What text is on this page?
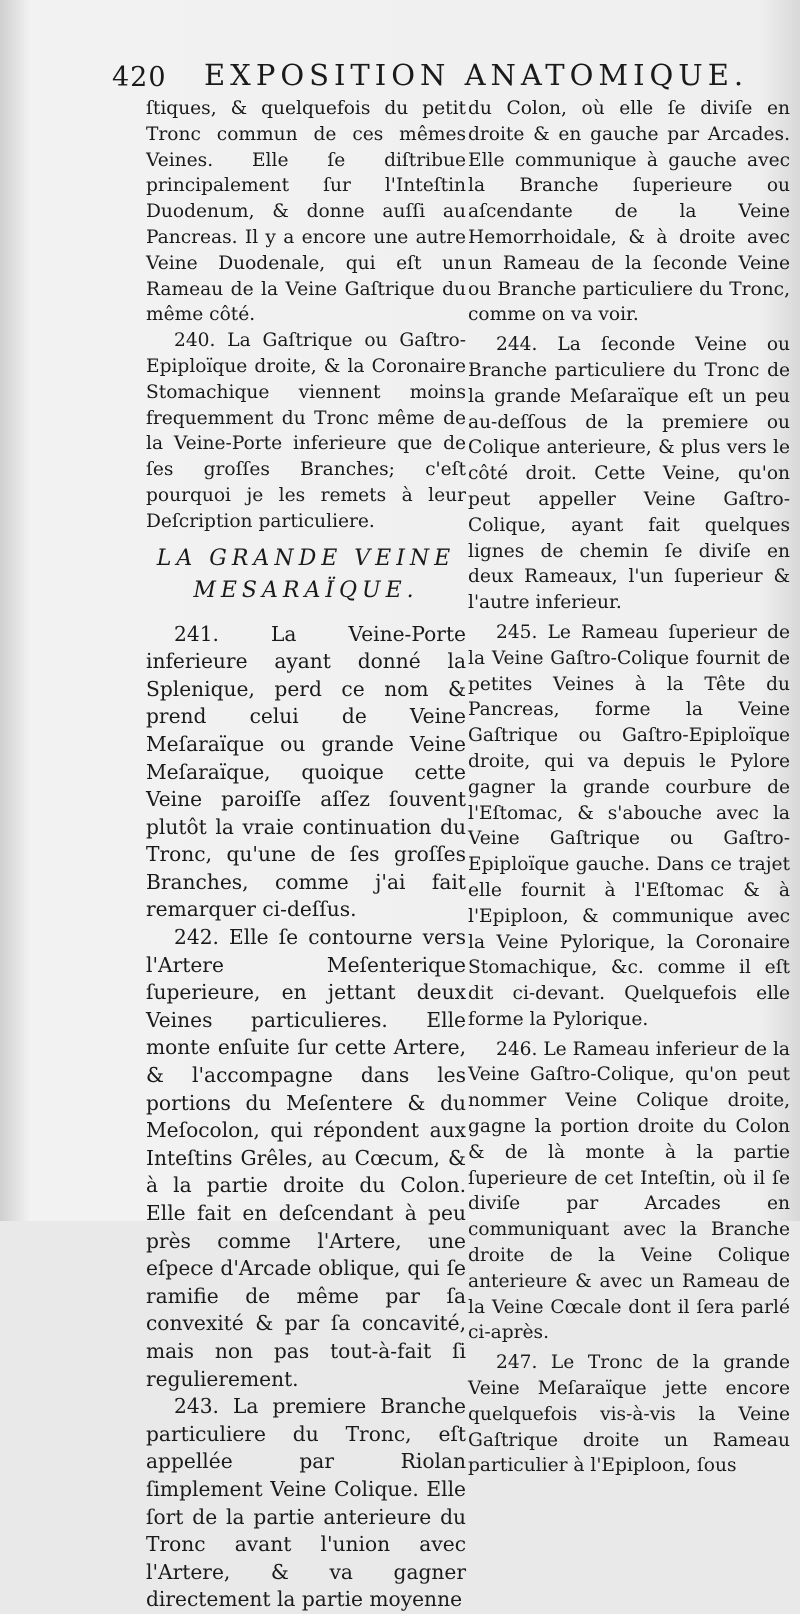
420 EXPOSITION ANATOMIQUE.

ſtiques, & quelquefois du petit Tronc commun de ces mêmes Veines. Elle ſe diſtribue principalement ſur l'Inteſtin Duodenum, & donne auſſi au Pancreas. Il y a encore une autre Veine Duodenale, qui eſt un Rameau de la Veine Gaſtrique du même côté.

240. La Gaſtrique ou Gaſtro-Epiploïque droite, & la Coronaire Stomachique viennent moins frequemment du Tronc même de la Veine-Porte inferieure que de ſes groſſes Branches; c'eſt pourquoi je les remets à leur Deſcription particuliere.

LA GRANDE VEINE
MESARAÏQUE.

241. La Veine-Porte inferieure ayant donné la Splenique, perd ce nom & prend celui de Veine Meſaraïque ou grande Veine Meſaraïque, quoique cette Veine paroiſſe aſſez ſouvent plutôt la vraie continuation du Tronc, qu'une de ſes groſſes Branches, comme j'ai fait remarquer ci-deſſus.

242. Elle ſe contourne vers l'Artere Meſenterique ſuperieure, en jettant deux Veines particulieres. Elle monte enſuite ſur cette Artere, & l'accompagne dans les portions du Meſentere & du Meſocolon, qui répondent aux Inteſtins Grêles, au Cœcum, & à la partie droite du Colon. Elle fait en deſcendant à peu près comme l'Artere, une eſpece d'Arcade oblique, qui ſe ramifie de même par ſa convexité & par ſa concavité, mais non pas tout-à-fait ſi regulierement.

243. La premiere Branche particuliere du Tronc, eſt appellée par Riolan ſimplement Veine Colique. Elle ſort de la partie anterieure du Tronc avant l'union avec l'Artere, & va gagner directement la partie moyenne

du Colon, où elle ſe diviſe en droite & en gauche par Arcades. Elle communique à gauche avec la Branche ſuperieure ou aſcendante de la Veine Hemorrhoidale, & à droite avec un Rameau de la ſeconde Veine ou Branche particuliere du Tronc, comme on va voir.

244. La ſeconde Veine ou Branche particuliere du Tronc de la grande Meſaraïque eſt un peu au-deſſous de la premiere ou Colique anterieure, & plus vers le côté droit. Cette Veine, qu'on peut appeller Veine Gaſtro-Colique, ayant fait quelques lignes de chemin ſe diviſe en deux Rameaux, l'un ſuperieur & l'autre inferieur.

245. Le Rameau ſuperieur de la Veine Gaſtro-Colique fournit de petites Veines à la Tête du Pancreas, forme la Veine Gaſtrique ou Gaſtro-Epiploïque droite, qui va depuis le Pylore gagner la grande courbure de l'Eſtomac, & s'abouche avec la Veine Gaſtrique ou Gaſtro-Epiploïque gauche. Dans ce trajet elle fournit à l'Eſtomac & à l'Epiploon, & communique avec la Veine Pylorique, la Coronaire Stomachique, &c. comme il eſt dit ci-devant. Quelquefois elle forme la Pylorique.

246. Le Rameau inferieur de la Veine Gaſtro-Colique, qu'on peut nommer Veine Colique droite, gagne la portion droite du Colon & de là monte à la partie ſuperieure de cet Inteſtin, où il ſe diviſe par Arcades en communiquant avec la Branche droite de la Veine Colique anterieure & avec un Rameau de la Veine Cœcale dont il ſera parlé ci-après.

247. Le Tronc de la grande Veine Meſaraïque jette encore quelquefois vis-à-vis la Veine Gaſtrique droite un Rameau particulier à l'Epiploon, ſous
